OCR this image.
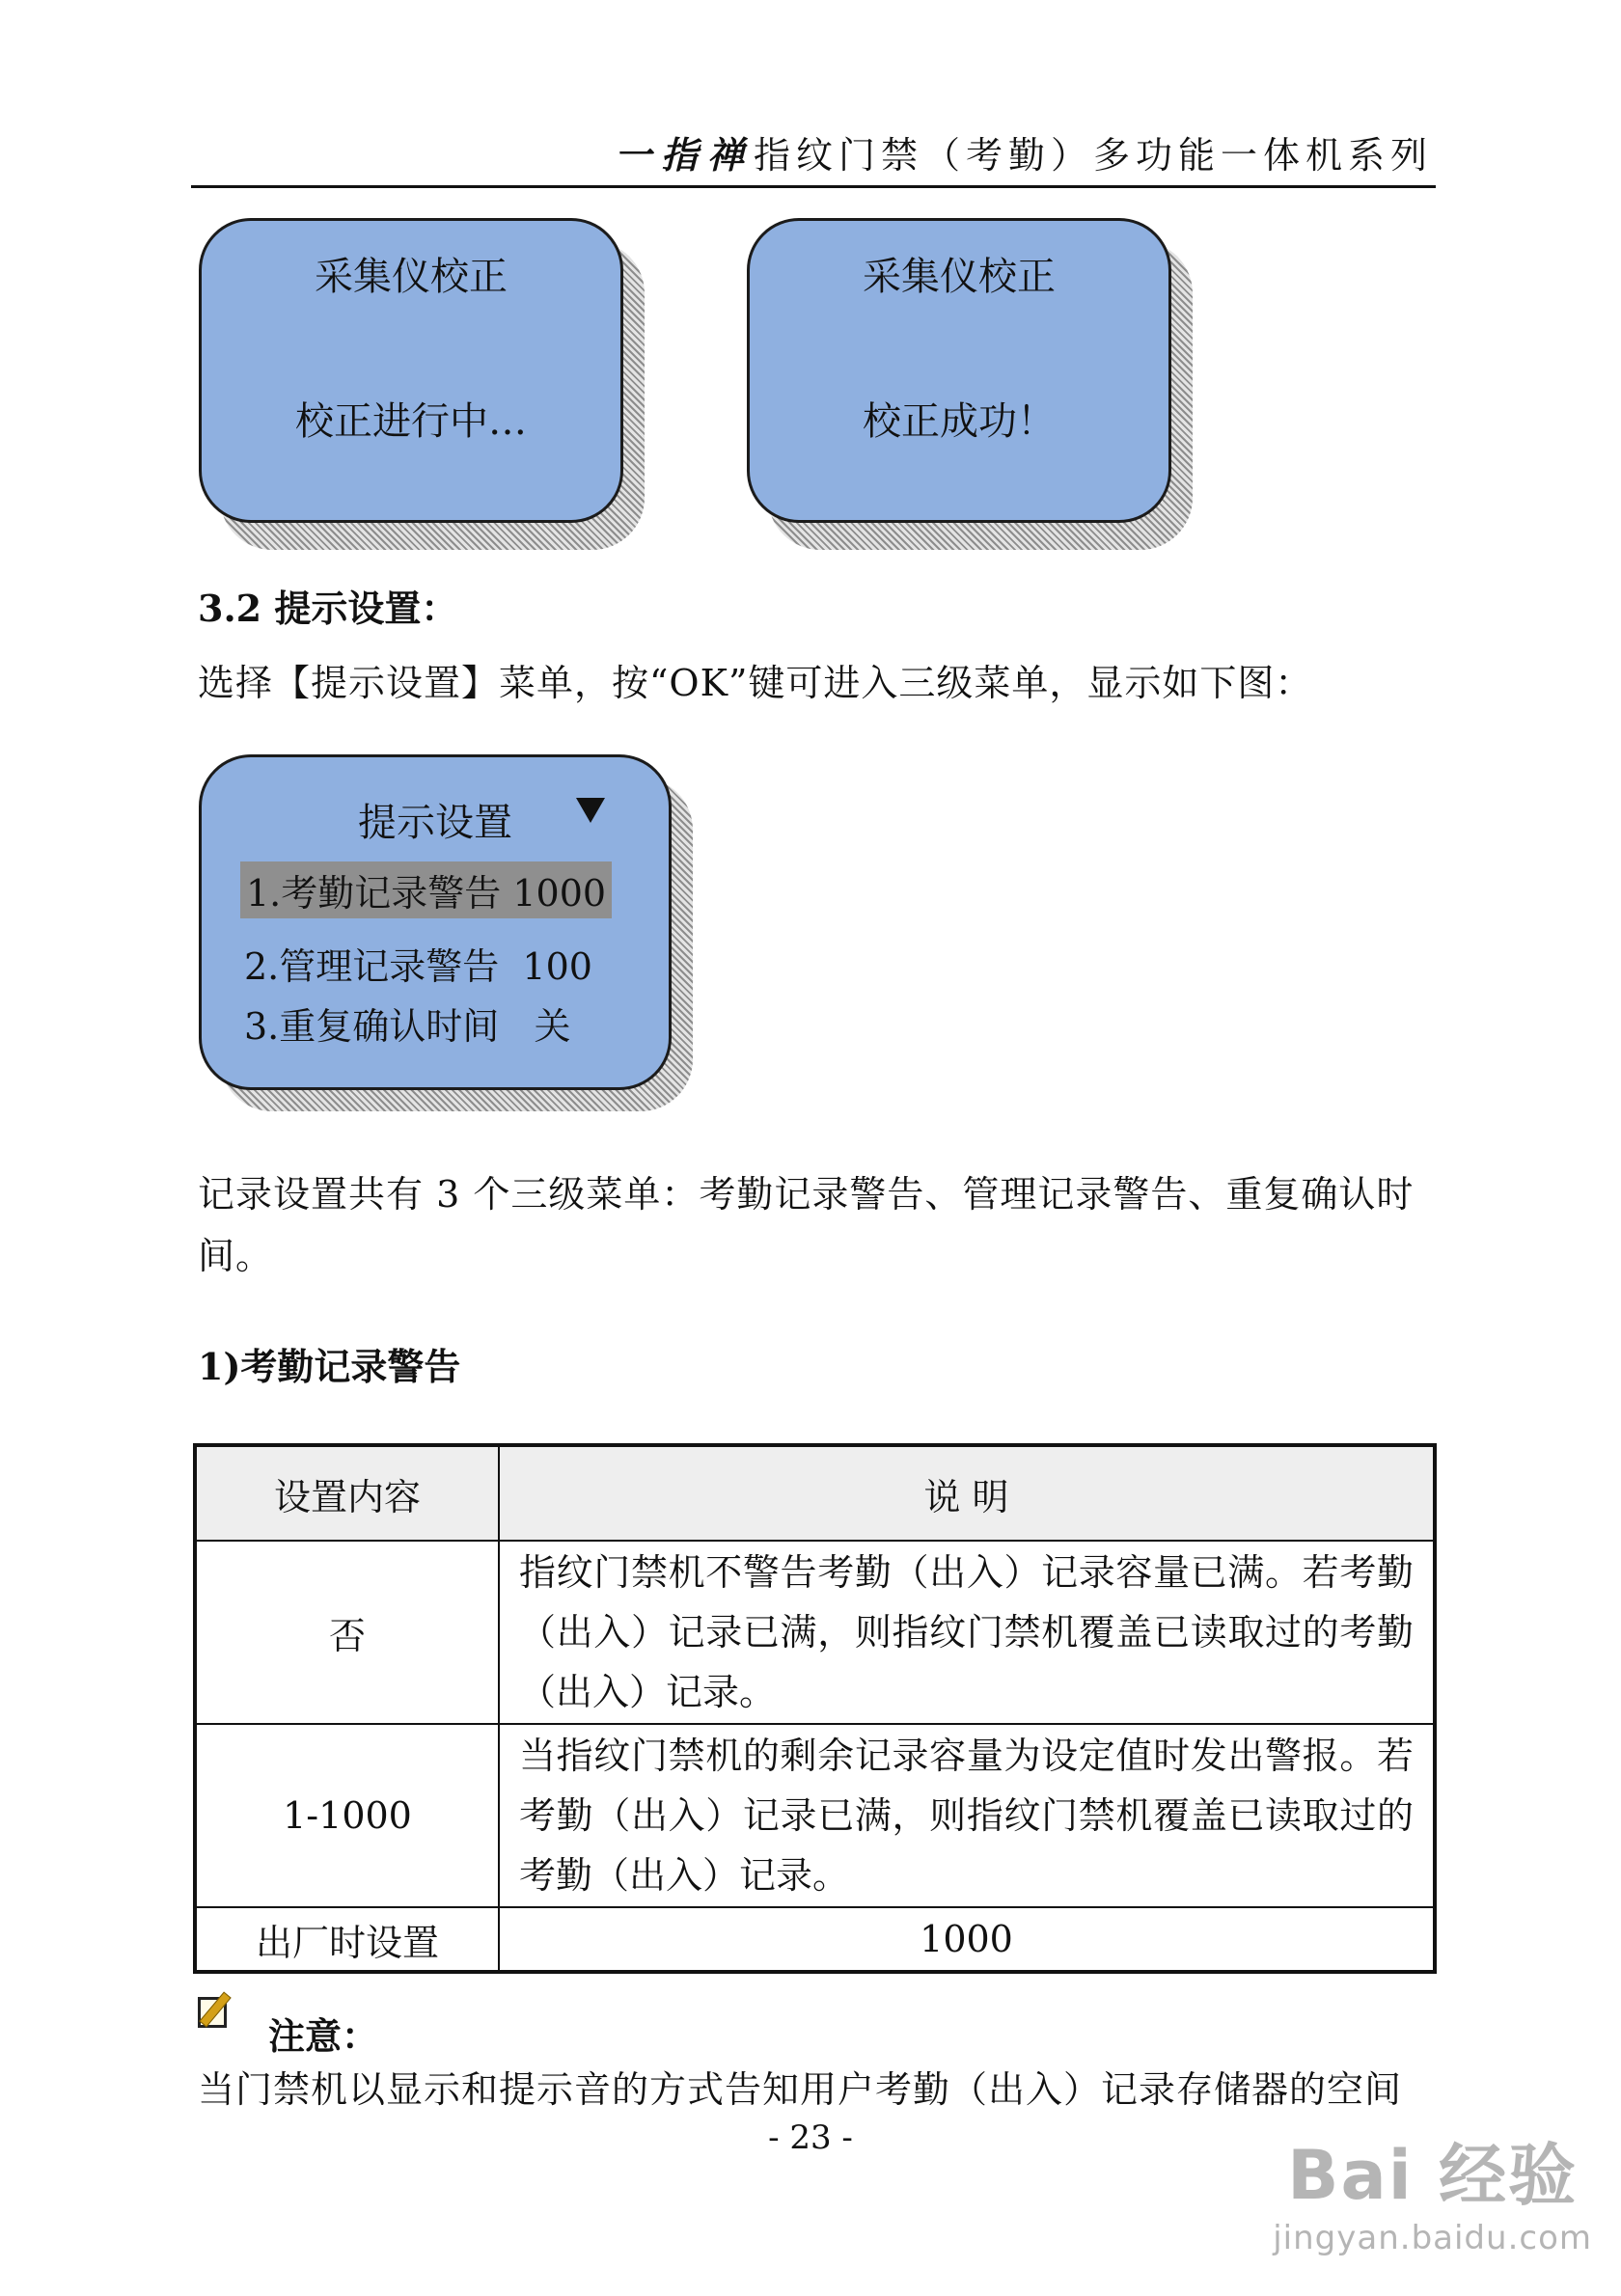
一指禅指纹门禁（考勤）多功能一体机系列
采集仪校正
校正进行中…
采集仪校正
校正成功！
3.2 提示设置：
选择【提示设置】菜单，按“OK”键可进入三级菜单，显示如下图：
提示设置
1.考勤记录警告 1000
2.管理记录警告  100
3.重复确认时间   关
记录设置共有 3 个三级菜单：考勤记录警告、管理记录警告、重复确认时间。
1)考勤记录警告
设置内容	说 明
否	指纹门禁机不警告考勤（出入）记录容量已满。若考勤（出入）记录已满，则指纹门禁机覆盖已读取过的考勤（出入）记录。
1-1000	当指纹门禁机的剩余记录容量为设定值时发出警报。若考勤（出入）记录已满，则指纹门禁机覆盖已读取过的考勤（出入）记录。
出厂时设置	1000
注意：
当门禁机以显示和提示音的方式告知用户考勤（出入）记录存储器的空间
- 23 -	Bai 经验
jingyan.baidu.com
